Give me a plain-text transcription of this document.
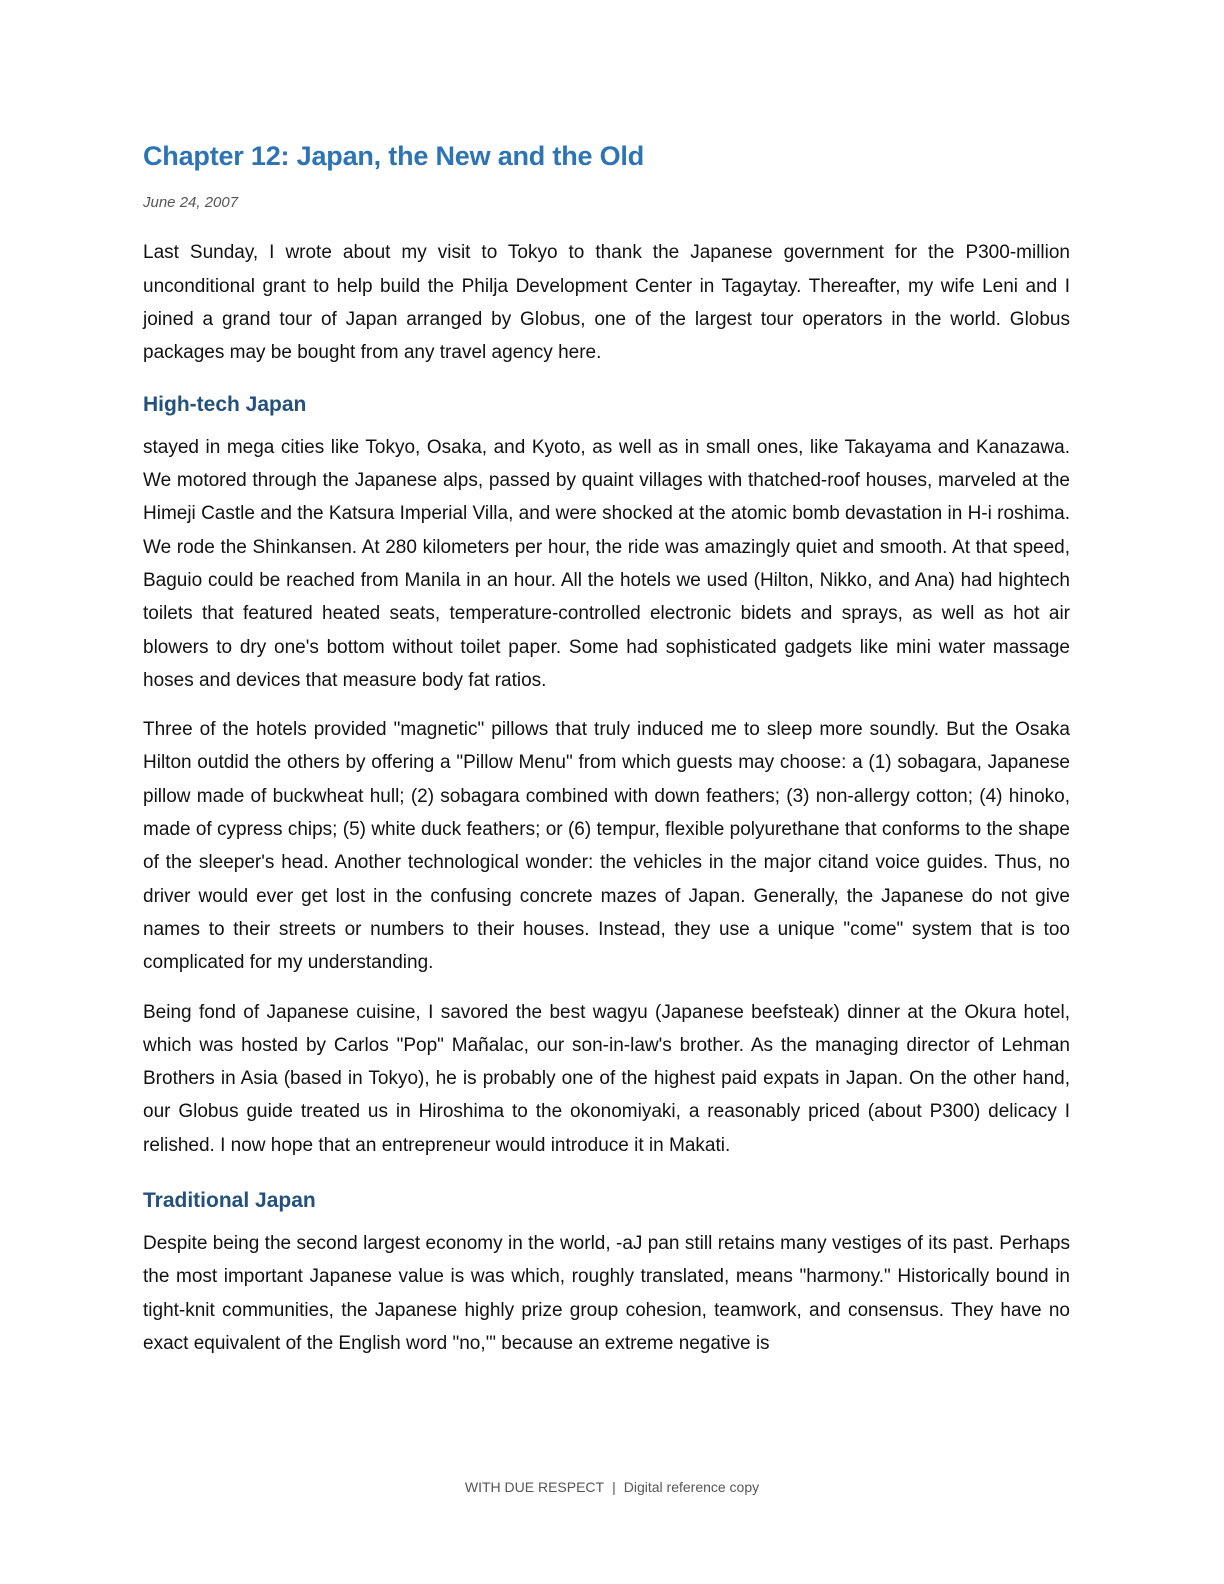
Chapter 12: Japan, the New and the Old
June 24, 2007

Last Sunday, I wrote about my visit to Tokyo to thank the Japanese government for the P300-million unconditional grant to help build the Philja Development Center in Tagaytay. Thereafter, my wife Leni and I joined a grand tour of Japan arranged by Globus, one of the largest tour operators in the world. Globus packages may be bought from any travel agency here.

High-tech Japan

stayed in mega cities like Tokyo, Osaka, and Kyoto, as well as in small ones, like Takayama and Kanazawa. We motored through the Japanese alps, passed by quaint villages with thatched-roof houses, marveled at the Himeji Castle and the Katsura Imperial Villa, and were shocked at the atomic bomb devastation in H-i roshima. We rode the Shinkansen. At 280 kilometers per hour, the ride was amazingly quiet and smooth. At that speed, Baguio could be reached from Manila in an hour. All the hotels we used (Hilton, Nikko, and Ana) had hightech toilets that featured heated seats, temperature-controlled electronic bidets and sprays, as well as hot air blowers to dry one's bottom without toilet paper. Some had sophisticated gadgets like mini water massage hoses and devices that measure body fat ratios.

Three of the hotels provided "magnetic" pillows that truly induced me to sleep more soundly. But the Osaka Hilton outdid the others by offering a "Pillow Menu" from which guests may choose: a (1) sobagara, Japanese pillow made of buckwheat hull; (2) sobagara combined with down feathers; (3) non-allergy cotton; (4) hinoko, made of cypress chips; (5) white duck feathers; or (6) tempur, flexible polyurethane that conforms to the shape of the sleeper's head. Another technological wonder: the vehicles in the major citand voice guides. Thus, no driver would ever get lost in the confusing concrete mazes of Japan. Generally, the Japanese do not give names to their streets or numbers to their houses. Instead, they use a unique "come" system that is too complicated for my understanding.

Being fond of Japanese cuisine, I savored the best wagyu (Japanese beefsteak) dinner at the Okura hotel, which was hosted by Carlos "Pop" Mañalac, our son-in-law's brother. As the managing director of Lehman Brothers in Asia (based in Tokyo), he is probably one of the highest paid expats in Japan. On the other hand, our Globus guide treated us in Hiroshima to the okonomiyaki, a reasonably priced (about P300) delicacy I relished. I now hope that an entrepreneur would introduce it in Makati.

Traditional Japan

Despite being the second largest economy in the world, -aJ pan still retains many vestiges of its past. Perhaps the most important Japanese value is was which, roughly translated, means "harmony." Historically bound in tight-knit communities, the Japanese highly prize group cohesion, teamwork, and consensus. They have no exact equivalent of the English word "no,'" because an extreme negative is

WITH DUE RESPECT | Digital reference copy
